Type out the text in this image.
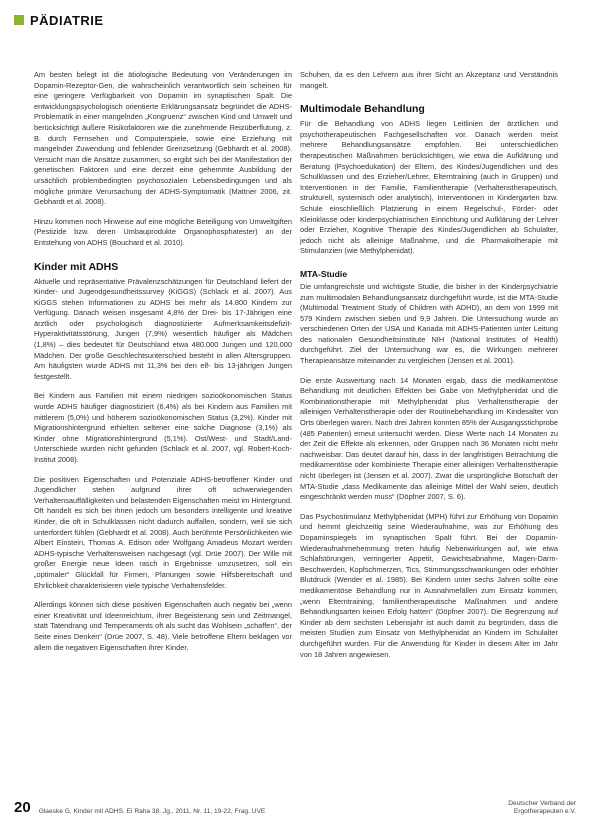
PÄDIATRIE

Am besten belegt ist die ätiologische Bedeutung von Veränderungen im Dopamin-Rezeptor-Gen, die wahrscheinlich verantwortlich sein scheinen für eine geringere Verfügbarkeit von Dopamin im synaptischen Spalt. Die entwicklungspsychologisch orientierte Erklärungsansatz begründet die ADHS-Problematik in einer mangelnden „Kongruenz“ zwischen Kind und Umwelt und berücksichtigt äußere Risikofaktoren wie die zunehmende Reizüberflutung, z. B. durch Fernsehen und Computerspiele, sowie eine Erziehung mit mangelnder Zuwendung und fehlender Grenzsetzung (Gebhardt et al. 2008). Versucht man die Ansätze zusammen, so ergibt sich bei der Manifestation der genetischen Faktoren und eine derzeit eine gehemmte Ausbildung der ursächlich problembedingten psychosozialen Lebensbedingungen und als mögliche primäre Verursachung der ADHS-Symptomatik (Mattner 2006, zit. Gebhardt et al. 2008).

Hinzu kommen noch Hinweise auf eine mögliche Beteiligung von Umweltgiften (Pestizide bzw. deren Umbauprodukte Organophosphatester) an der Entstehung von ADHS (Bouchard et al. 2010).

Kinder mit ADHS

Aktuelle und repräsentative Prävalenzschätzungen für Deutschland liefert der Kinder- und Jugendgesundheitssurvey (KiGGS) (Schlack et al. 2007). Aus KiGGS stehen Informationen zu ADHS bei mehr als 14.800 Kindern zur Verfügung. Danach weisen insgesamt 4,8% der Drei- bis 17-Jährigen eine ärztlich oder psychologisch diagnostizierte Aufmerksamkeitsdefizit-Hyperaktivitätsstörung, Jungen (7,9%) wesentlich häufiger als Mädchen (1,8%) – dies bedeutet für Deutschland etwa 480.000 Jungen und 120.000 Mädchen. Der große Geschlechtsunterschied besteht in allen Altersgruppen. Am häufigsten wurde ADHS mit 11,3% bei den elf- bis 13-jährigen Jungen festgestellt.

Bei Kindern aus Familien mit einem niedrigen sozioökonomischen Status wurde ADHS häufiger diagnostiziert (6,4%) als bei Kindern aus Familien mit mittlerem (5,0%) und höherem sozioökonomischen Status (3,2%). Kinder mit Migrationshintergrund erhielten seltener eine solche Diagnose (3,1%) als Kinder ohne Migrationshintergrund (5,1%). Ost/West- und Stadt/Land-Unterschiede wurden nicht gefunden (Schlack et al. 2007, vgl. Robert-Koch-Institut 2008).

Die positiven Eigenschaften und Potenziale ADHS-betroffener Kinder und Jugendlicher stehen aufgrund ihrer oft schwerwiegenden Verhaltensauffälligkeiten und belastenden Eigenschaften meist im Hintergrund. Oft handelt es sich bei ihnen jedoch um besonders intelligente und kreative Kinder, die oft in Schulklassen nicht dadurch auffallen, sondern, weil sie sich unterfordert fühlen (Gebhardt et al. 2008). Auch berühmte Persönlichkeiten wie Albert Einstein, Thomas A. Edison oder Wolfgang Amadeus Mozart werden ADHS-typische Verhaltensweisen nachgesagt (vgl. Drüe 2007). Der Wille mit großer Energie neue Ideen rasch in Ergebnisse umzusetzen, soll ein „optimaler“ Glückfall für Firmen, Planungen sowie Hilfsbereitschaft und Ehrlichkeit charakterisieren viele typische Verhaltensfelder.

Allerdings können sich diese positiven Eigenschaften auch negativ bei „wenn einer Kreativität und Ideenreichtum, ihrer Begeisterung sein und Zeitmangel, statt Tatendrang und Temperaments oft als sucht das Wohlsein „schaffen“, der Seite eines Denken“ (Drüe 2007, S. 48). Viele betroffene Eltern beklagen vor allem die negativen Eigenschaften ihrer Kinder.

Schuhen, da es den Lehrern aus ihrer Sicht an Akzeptanz und Verständnis mangelt.

Multimodale Behandlung

Für die Behandlung von ADHS liegen Leitlinien der ärztlichen und psychotherapeutischen Fachgesellschaften vor. Danach werden meist mehrere Behandlungsansätze empfohlen. Bei unterschiedlichen therapeutischen Maßnahmen berücksichtigen, wie etwa die Aufklärung und Beratung (Psychoedukation) der Eltern, des Kindes/Jugendlichen und des Schulklassen und des Erzieher/Lehrer, Elterntraining (auch in Gruppen) und Interventionen in der Familie, Familientherapie (Verhaltenstherapeutisch, strukturell, systemisch oder analytisch), Interventionen in Kindergarten bzw. Schule einschließlich Platzierung in einem Regelschul-, Förder- oder Kleinklasse oder kinderpsychiatrischen Einrichtung und Aufklärung der Lehrer oder Erzieher, Kognitive Therapie des Kindes/Jugendlichen ab Schulalter, jedoch nicht als alleinige Maßnahme, und die Pharmakotherapie mit Stimulanzien (wie Methylphenidat).

MTA-Studie

Die umfangreichste und wichtigste Studie, die bisher in der Kinderpsychiatrie zum multimodalen Behandlungsansatz durchgeführt wurde, ist die MTA-Studie (Multimodal Treatment Study of Children with ADHD), an dem von 1999 mit 579 Kindern zwischen sieben und 9,9 Jahren. Die Untersuchung wurde an verschiedenen Orten der USA und Kanada mit ADHS-Patienten unter Leitung des nationalen Gesundheitsinstitute NIH (National Institutes of Health) durchgeführt. Ziel der Untersuchung war es, die Wirkungen mehrerer Therapieansätze miteinander zu vergleichen (Jensen et al. 2001).

Die erste Auswertung nach 14 Monaten ergab, dass die medikamentöse Behandlung mit deutlichen Effekten bei Gabe von Methylphenidat und die Kombinationstherapie mit Methylphenidat plus Verhaltenstherapie der alleinigen Verhaltenstherapie oder der Routinebehandlung im Kindesalter von Orts überlegen waren. Nach drei Jahren konnten 85% der Ausgangsstichprobe (485 Patienten) erneut untersucht werden. Diese Werte nach 14 Monaten zu der Zeit die Effekte als erkennen, oder Gruppen nach 36 Monaten nicht mehr nachweisbar. Das deutet darauf hin, dass in der langfristigen Betrachtung die medikamentöse oder kombinierte Therapie einer alleinigen Verhaltenstherapie nicht überlegen ist (Jensen et al. 2007). Zwar die ursprüngliche Botschaft der MTA-Studie „dass Medikamente das alleinige Mittel der Wahl seien, deutlich eingeschränkt werden muss“ (Döpfner 2007, S. 6).

Das Psychostimulanz Methylphenidat (MPH) führt zur Erhöhung von Dopamin und hemmt gleichzeitig seine Wiederaufnahme, was zur Erhöhung des Dopaminspiegels im synaptischen Spalt führt. Bei der Dopamin-Wiederaufnahmehemmung treten häufig Nebenwirkungen auf, wie etwa Schlafstörungen, verringerter Appetit, Gewichtsabnahme, Magen-Darm-Beschwerden, Kopfschmerzen, Tics, Stimmungsschwankungen oder erhöhter Blutdruck (Wender et al. 1985). Bei Kindern unter sechs Jahren sollte eine medikamentöse Behandlung nur in Ausnahmefällen zum Einsatz kommen, „wenn Elterntraining, familientherapeutische Maßnahmen und andere Behandlungsarten keinen Erfolg hatten“ (Döpfner 2007). Die Begrenzung auf Kinder ab dem sechsten Lebensjahr ist auch damit zu begründen, dass die meisten Studien zum Einsatz von Methylphenidat an Kindern im Schulalter durchgeführt wurden. Für die Anwendung für Kinder in diesem Alter im Jahr von 18 Jahren angewiesen.

20 Glaeske G. Kinder mit ADHS. Ei Raha 38. Jg., 2011, Nr. 11, 19-22, Frag. UVE
Deutscher Verband der
Ergotherapeuten e.V.
